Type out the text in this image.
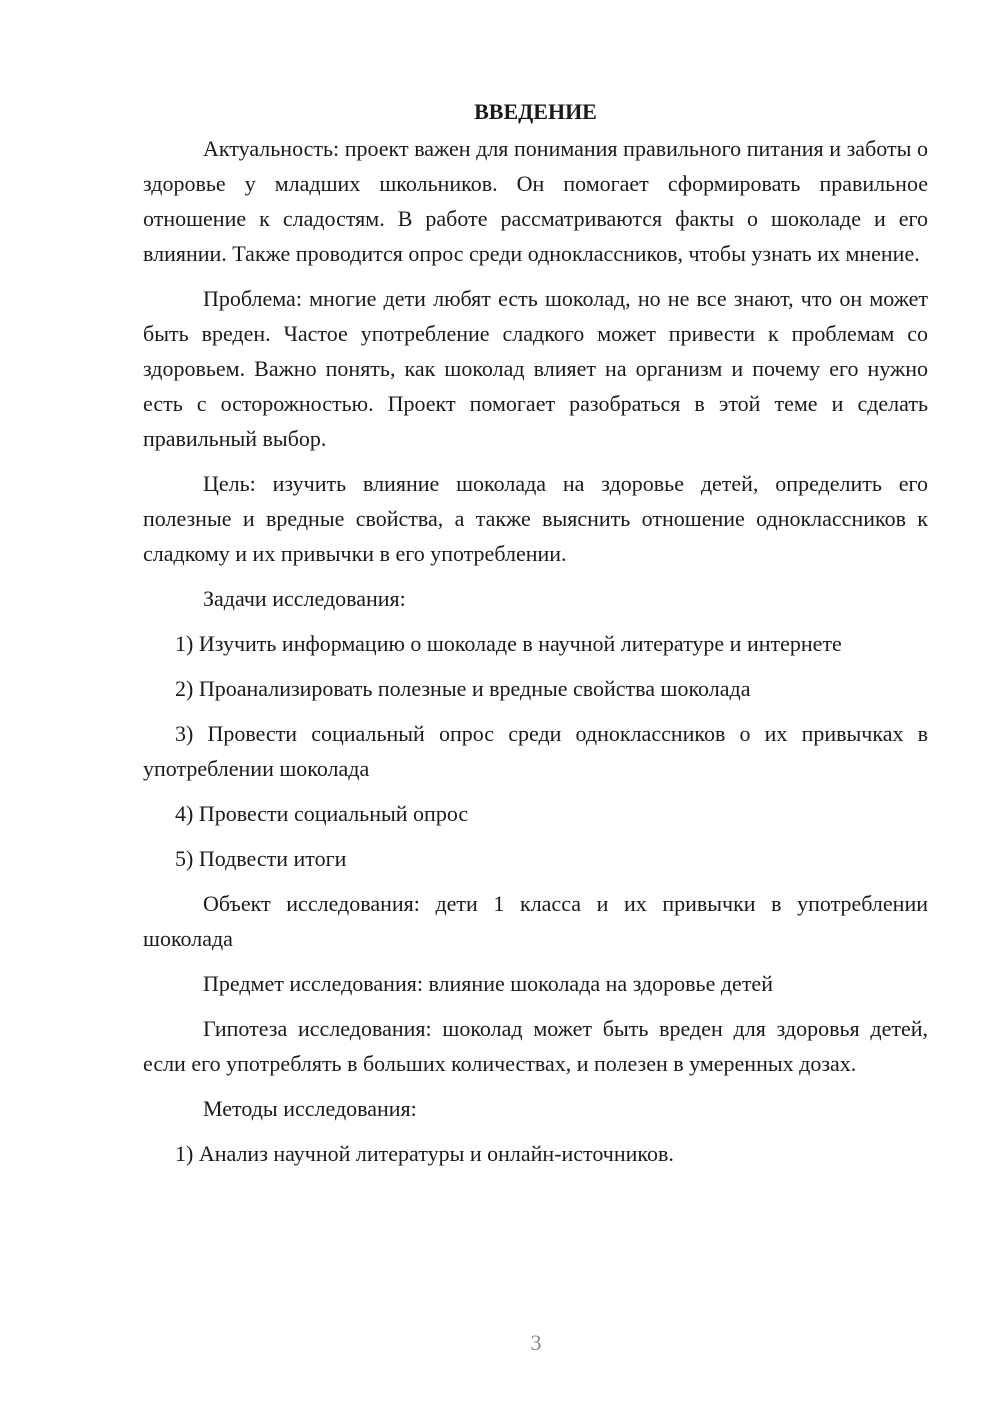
ВВЕДЕНИЕ

Актуальность: проект важен для понимания правильного питания и заботы о здоровье у младших школьников. Он помогает сформировать правильное отношение к сладостям. В работе рассматриваются факты о шоколаде и его влиянии. Также проводится опрос среди одноклассников, чтобы узнать их мнение.

Проблема: многие дети любят есть шоколад, но не все знают, что он может быть вреден. Частое употребление сладкого может привести к проблемам со здоровьем. Важно понять, как шоколад влияет на организм и почему его нужно есть с осторожностью. Проект помогает разобраться в этой теме и сделать правильный выбор.

Цель: изучить влияние шоколада на здоровье детей, определить его полезные и вредные свойства, а также выяснить отношение одноклассников к сладкому и их привычки в его употреблении.

Задачи исследования:

1) Изучить информацию о шоколаде в научной литературе и интернете

2) Проанализировать полезные и вредные свойства шоколада

3) Провести социальный опрос среди одноклассников о их привычках в употреблении шоколада

4) Провести социальный опрос

5) Подвести итоги

Объект исследования: дети 1 класса и их привычки в употреблении шоколада

Предмет исследования: влияние шоколада на здоровье детей

Гипотеза исследования: шоколад может быть вреден для здоровья детей, если его употреблять в больших количествах, и полезен в умеренных дозах.

Методы исследования:

1) Анализ научной литературы и онлайн-источников.

3
